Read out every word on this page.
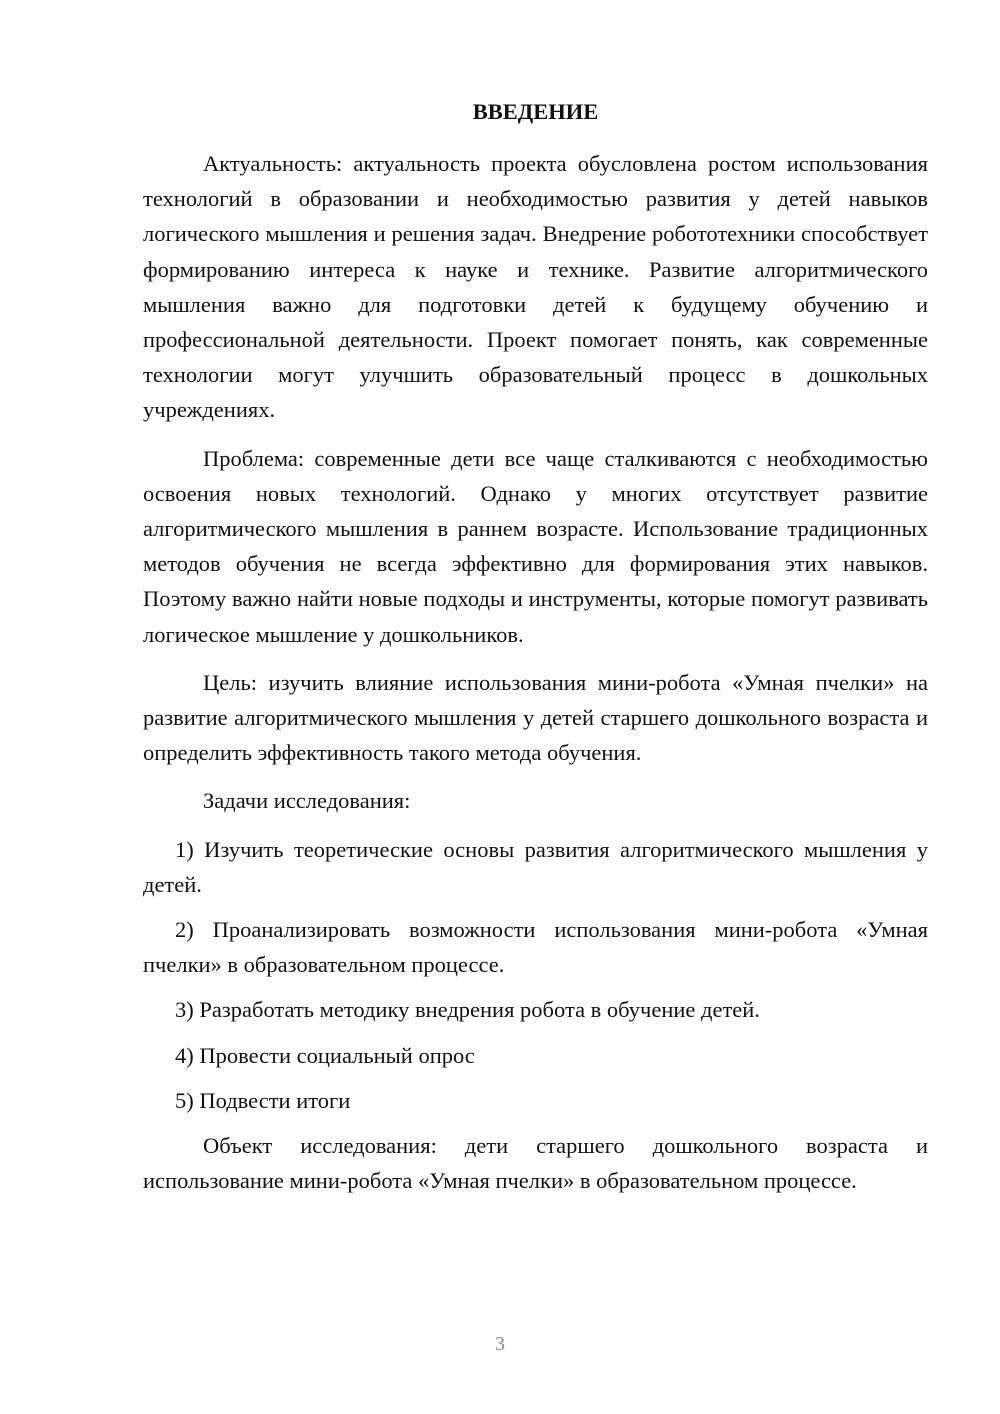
ВВЕДЕНИЕ

Актуальность: актуальность проекта обусловлена ростом использования технологий в образовании и необходимостью развития у детей навыков логического мышления и решения задач. Внедрение робототехники способствует формированию интереса к науке и технике. Развитие алгоритмического мышления важно для подготовки детей к будущему обучению и профессиональной деятельности. Проект помогает понять, как современные технологии могут улучшить образовательный процесс в дошкольных учреждениях.

Проблема: современные дети все чаще сталкиваются с необходимостью освоения новых технологий. Однако у многих отсутствует развитие алгоритмического мышления в раннем возрасте. Использование традиционных методов обучения не всегда эффективно для формирования этих навыков. Поэтому важно найти новые подходы и инструменты, которые помогут развивать логическое мышление у дошкольников.

Цель: изучить влияние использования мини-робота «Умная пчелки» на развитие алгоритмического мышления у детей старшего дошкольного возраста и определить эффективность такого метода обучения.

Задачи исследования:

1) Изучить теоретические основы развития алгоритмического мышления у детей.

2) Проанализировать возможности использования мини-робота «Умная пчелки» в образовательном процессе.

3) Разработать методику внедрения робота в обучение детей.

4) Провести социальный опрос

5) Подвести итоги

Объект исследования: дети старшего дошкольного возраста и использование мини-робота «Умная пчелки» в образовательном процессе.

3
